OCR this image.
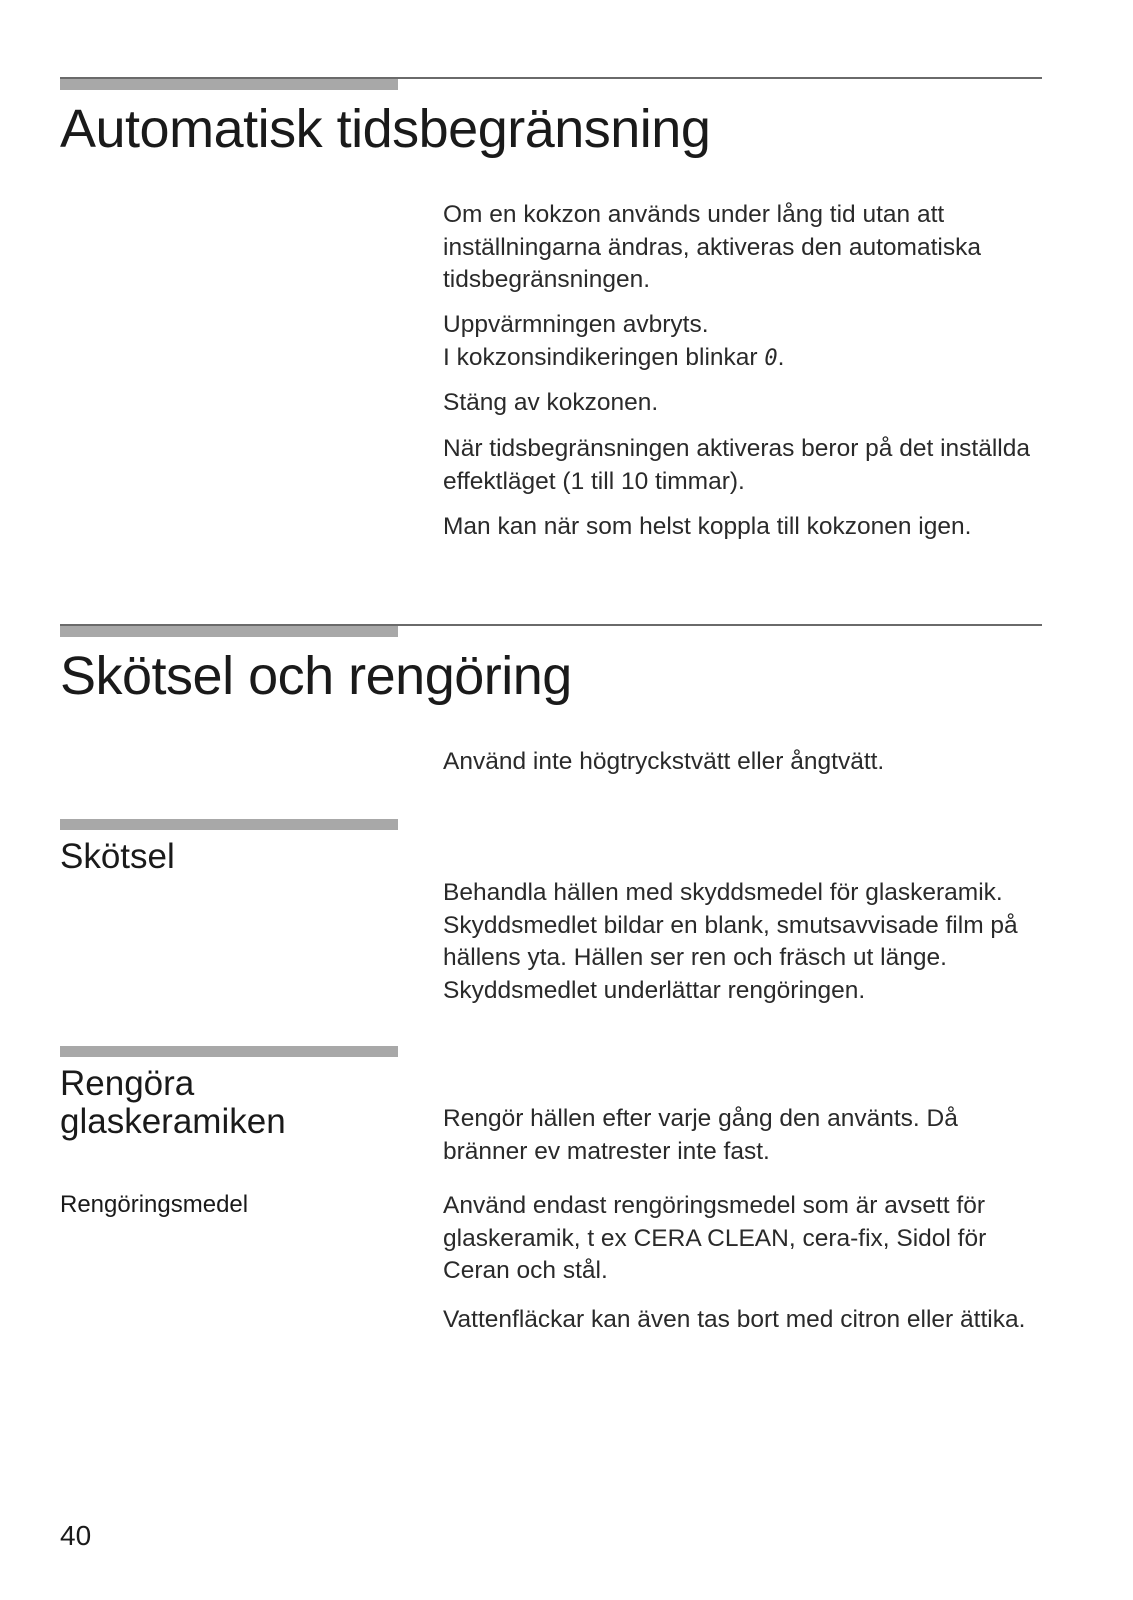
Automatisk tidsbegränsning
Om en kokzon används under lång tid utan att
inställningarna ändras, aktiveras den automatiska
tidsbegränsningen.
Uppvärmningen avbryts.
I kokzonsindikeringen blinkar 0.
Stäng av kokzonen.
När tidsbegränsningen aktiveras beror på det inställda
effektläget (1 till 10 timmar).
Man kan när som helst koppla till kokzonen igen.
Skötsel och rengöring
Använd inte högtryckstvätt eller ångtvätt.
Skötsel
Behandla hällen med skyddsmedel för glaskeramik.
Skyddsmedlet bildar en blank, smutsavvisade film på
hällens yta. Hällen ser ren och fräsch ut länge.
Skyddsmedlet underlättar rengöringen.
Rengöra
glaskeramiken	Rengör hällen efter varje gång den använts. Då
bränner ev matrester inte fast.
Rengöringsmedel	Använd endast rengöringsmedel som är avsett för
glaskeramik, t ex CERA CLEAN, cera-fix, Sidol för
Ceran och stål.
Vattenfläckar kan även tas bort med citron eller ättika.
40
